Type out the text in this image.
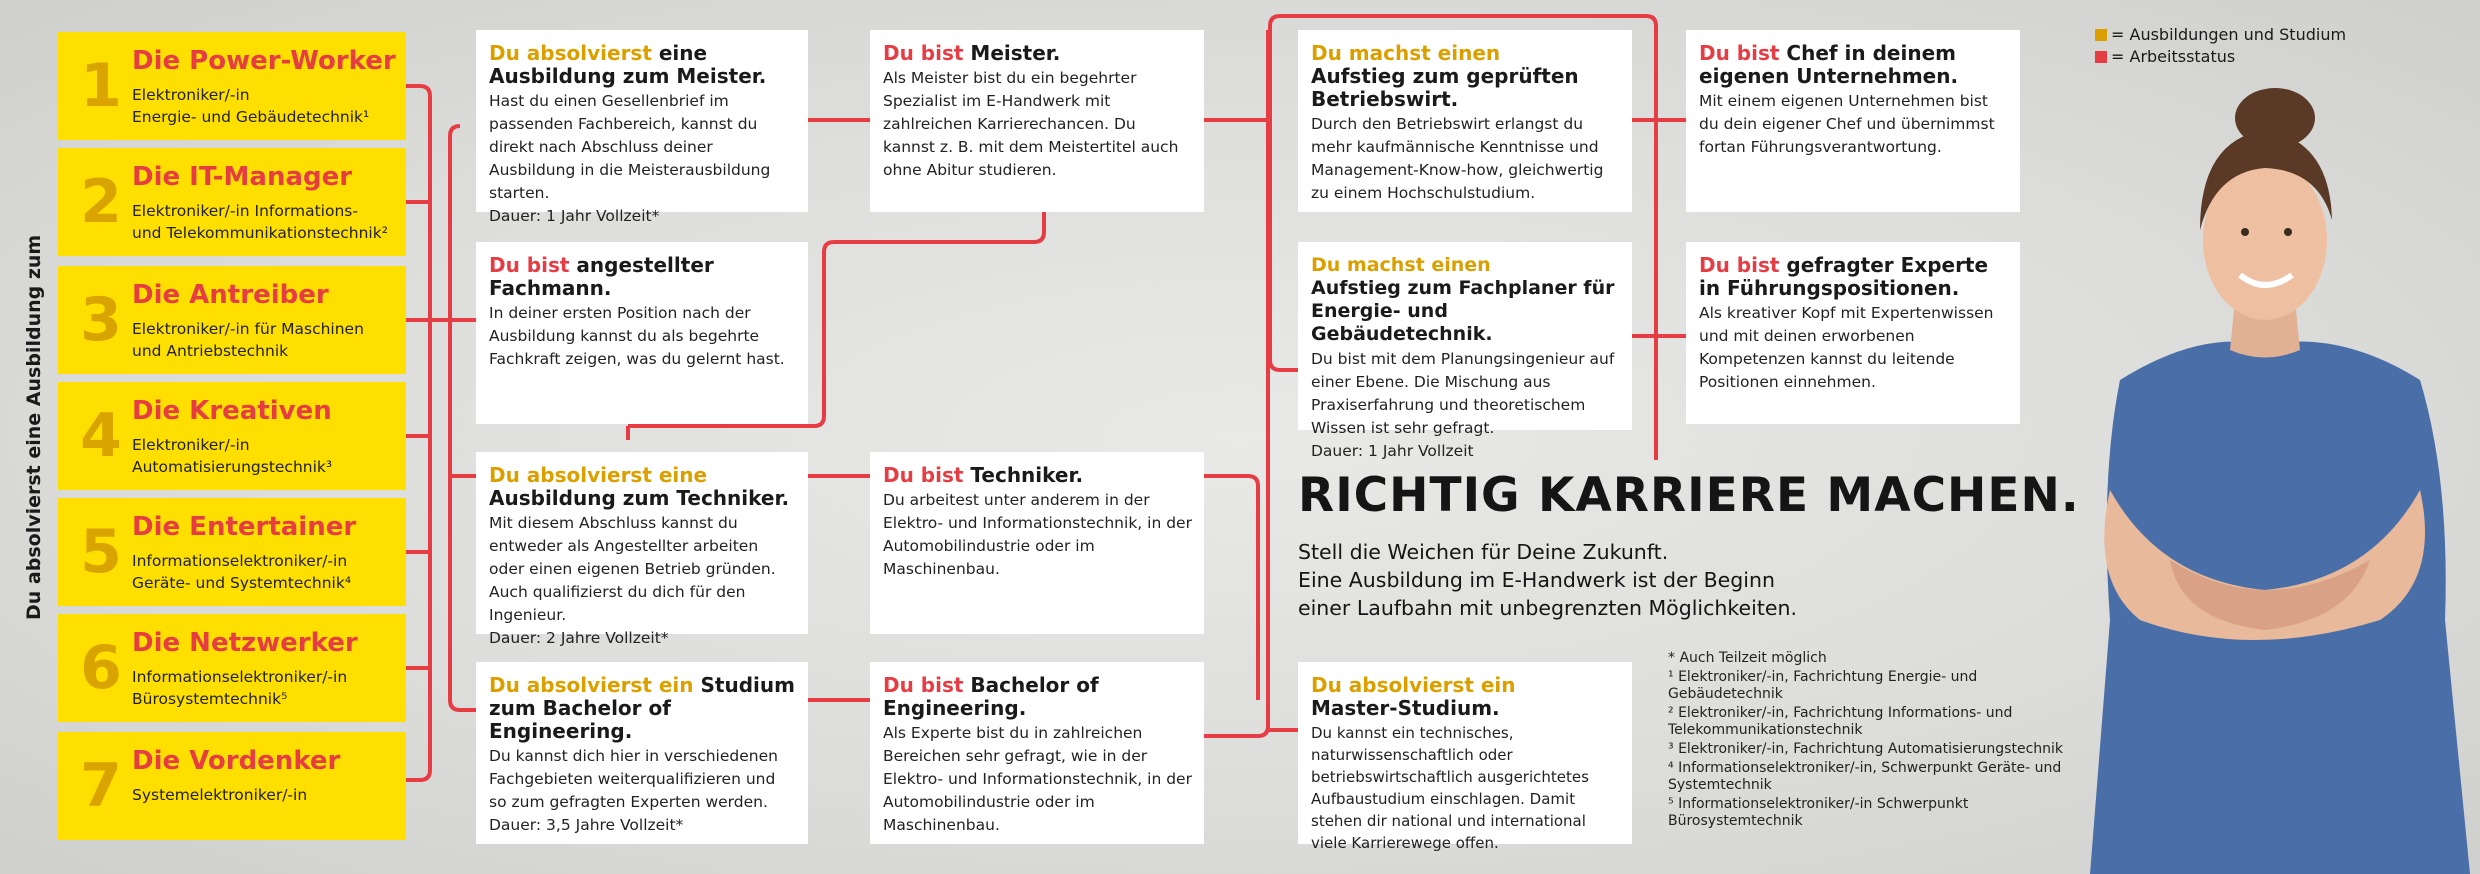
Du absolvierst eine Ausbildung zum
= Ausbildungen und Studium
= Arbeitsstatus
1 Die Power-Worker
Elektroniker/-in
Energie- und Gebäudetechnik¹
2 Die IT-Manager
Elektroniker/-in Informations-
und Telekommunikationstechnik²
3 Die Antreiber
Elektroniker/-in für Maschinen
und Antriebstechnik
4 Die Kreativen
Elektroniker/-in
Automatisierungstechnik³
5 Die Entertainer
Informationselektroniker/-in
Geräte- und Systemtechnik⁴
6 Die Netzwerker
Informationselektroniker/-in
Bürosystemtechnik⁵
7 Die Vordenker
Systemelektroniker/-in
Du absolvierst eine
Ausbildung zum Meister.
Hast du einen Gesellenbrief im passenden Fachbereich, kannst du direkt nach Abschluss deiner Ausbildung in die Meisterausbildung starten.
Dauer: 1 Jahr Vollzeit*
Du bist angestellter
Fachmann.
In deiner ersten Position nach der Ausbildung kannst du als begehrte Fachkraft zeigen, was du gelernt hast.
Du absolvierst eine
Ausbildung zum Techniker.
Mit diesem Abschluss kannst du entweder als Angestellter arbeiten oder einen eigenen Betrieb gründen. Auch qualifizierst du dich für den Ingenieur.
Dauer: 2 Jahre Vollzeit*
Du absolvierst ein Studium
zum Bachelor of Engineering.
Du kannst dich hier in verschiedenen Fachgebieten weiterqualifizieren und so zum gefragten Experten werden.
Dauer: 3,5 Jahre Vollzeit*
Du bist Meister.
Als Meister bist du ein begehrter Spezialist im E-Handwerk mit zahlreichen Karrierechancen. Du kannst z. B. mit dem Meistertitel auch ohne Abitur studieren.
Du bist Techniker.
Du arbeitest unter anderem in der Elektro- und Informationstechnik, in der Automobilindustrie oder im Maschinenbau.
Du bist Bachelor of
Engineering.
Als Experte bist du in zahlreichen Bereichen sehr gefragt, wie in der Elektro- und Informationstechnik, in der Automobilindustrie oder im Maschinenbau.
Du machst einen
Aufstieg zum geprüften Betriebswirt.
Durch den Betriebswirt erlangst du mehr kaufmännische Kenntnisse und Management-Know-how, gleichwertig zu einem Hochschulstudium.
Du machst einen
Aufstieg zum Fachplaner für Energie- und Gebäudetechnik.
Du bist mit dem Planungsingenieur auf einer Ebene. Die Mischung aus Praxiserfahrung und theoretischem Wissen ist sehr gefragt.
Dauer: 1 Jahr Vollzeit
Du absolvierst ein
Master-Studium.
Du kannst ein technisches, naturwissenschaftlich oder betriebswirtschaftlich ausgerichtetes Aufbaustudium einschlagen. Damit stehen dir national und international viele Karrierewege offen.
Du bist Chef in deinem
eigenen Unternehmen.
Mit einem eigenen Unternehmen bist du dein eigener Chef und übernimmst fortan Führungsverantwortung.
Du bist gefragter Experte
in Führungspositionen.
Als kreativer Kopf mit Expertenwissen und mit deinen erworbenen Kompetenzen kannst du leitende Positionen einnehmen.
RICHTIG KARRIERE MACHEN.
Stell die Weichen für Deine Zukunft.
Eine Ausbildung im E-Handwerk ist der Beginn
einer Laufbahn mit unbegrenzten Möglichkeiten.
* Auch Teilzeit möglich
¹ Elektroniker/-in, Fachrichtung Energie- und Gebäudetechnik
² Elektroniker/-in, Fachrichtung Informations- und Telekommunikationstechnik
³ Elektroniker/-in, Fachrichtung Automatisierungstechnik
⁴ Informationselektroniker/-in, Schwerpunkt Geräte- und Systemtechnik
⁵ Informationselektroniker/-in Schwerpunkt Bürosystemtechnik
